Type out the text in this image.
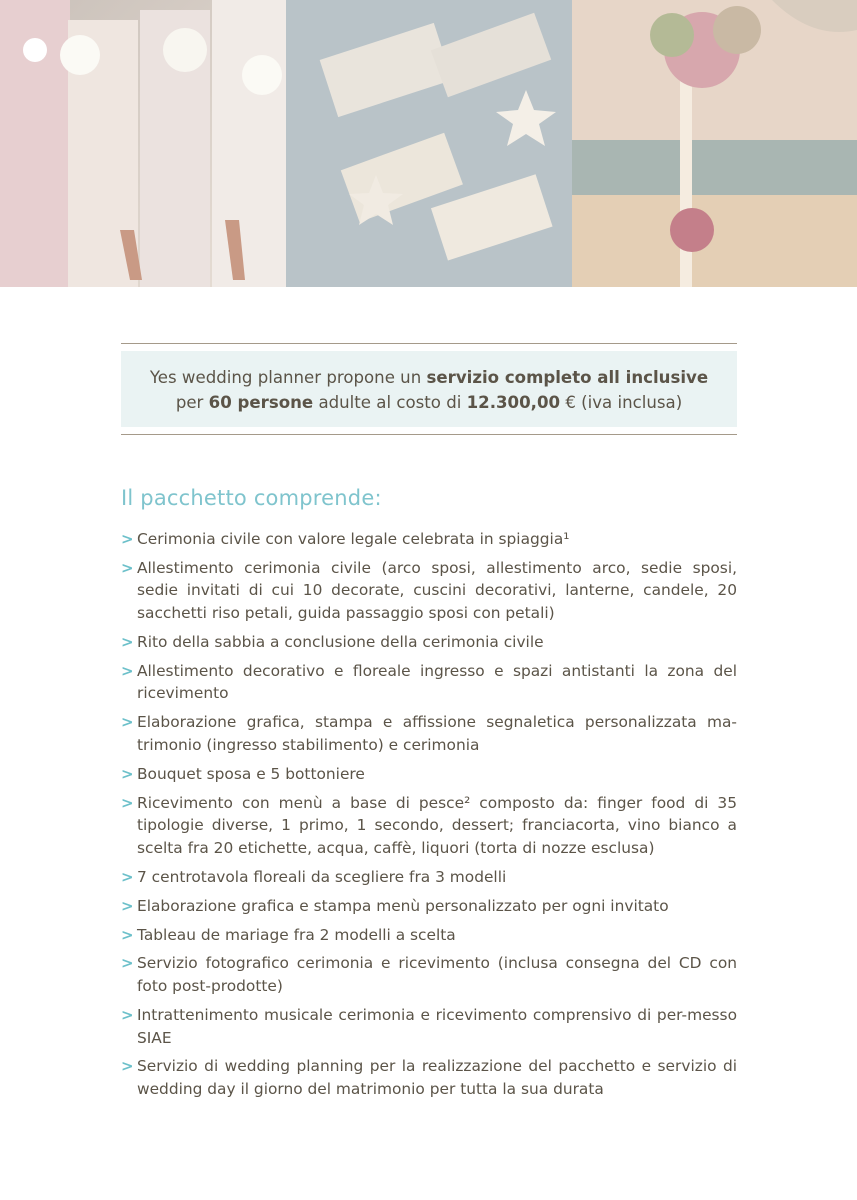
Yes wedding planner propone un servizio completo all inclusive
per 60 persone adulte al costo di 12.300,00 € (iva inclusa)
Il pacchetto comprende:
> Cerimonia civile con valore legale celebrata in spiaggia¹
> Allestimento cerimonia civile (arco sposi, allestimento arco, sedie sposi, sedie invitati di cui 10 decorate, cuscini decorativi, lanterne, candele, 20 sacchetti riso petali, guida passaggio sposi con petali)
> Rito della sabbia a conclusione della cerimonia civile
> Allestimento decorativo e floreale ingresso e spazi antistanti la zona del ricevimento
> Elaborazione grafica, stampa e affissione segnaletica personalizzata ma-trimonio (ingresso stabilimento) e cerimonia
> Bouquet sposa e 5 bottoniere
> Ricevimento con menù a base di pesce² composto da: finger food di 35 tipologie diverse, 1 primo, 1 secondo, dessert; franciacorta, vino bianco a scelta fra 20 etichette, acqua, caffè, liquori (torta di nozze esclusa)
> 7 centrotavola floreali da scegliere fra 3 modelli
> Elaborazione grafica e stampa menù personalizzato per ogni invitato
> Tableau de mariage fra 2 modelli a scelta
> Servizio fotografico cerimonia e ricevimento (inclusa consegna del CD con foto post-prodotte)
> Intrattenimento musicale cerimonia e ricevimento comprensivo di per-messo SIAE
> Servizio di wedding planning per la realizzazione del pacchetto e servizio di wedding day il giorno del matrimonio per tutta la sua durata
